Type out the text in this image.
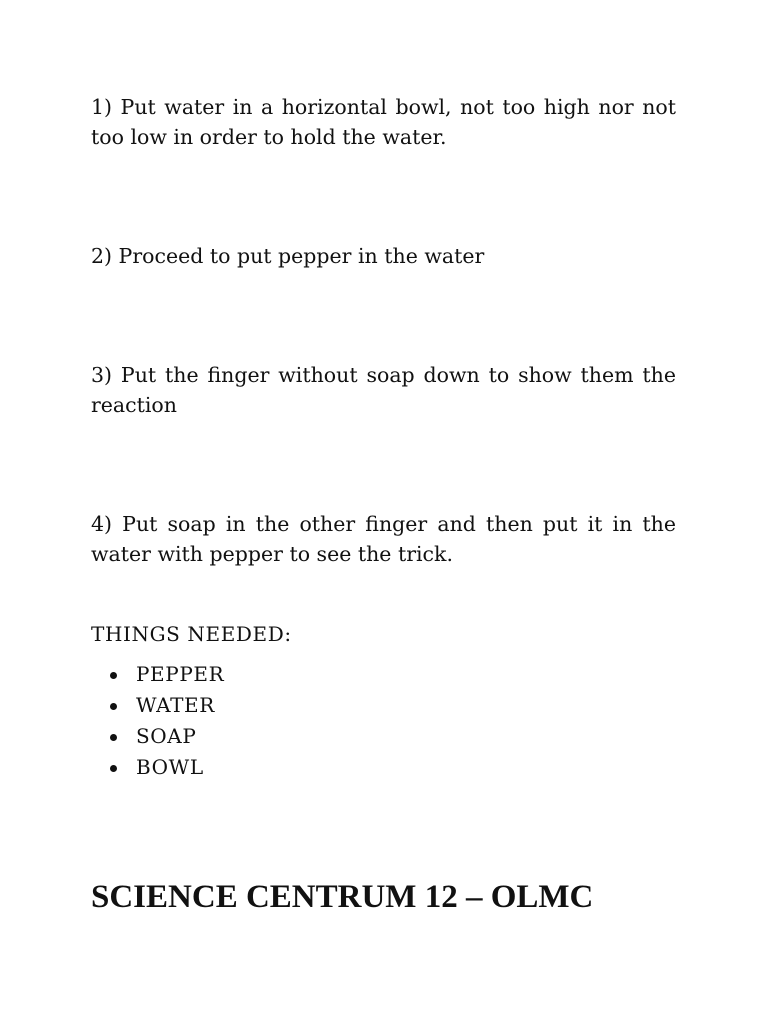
1) Put water in a horizontal bowl, not too high nor not too low in order to hold the water.

2) Proceed to put pepper in the water

3) Put the finger without soap down to show them the reaction

4) Put soap in the other finger and then put it in the water with pepper to see the trick.

THINGS NEEDED:

PEPPER
WATER
SOAP
BOWL
SCIENCE CENTRUM 12 – OLMC
